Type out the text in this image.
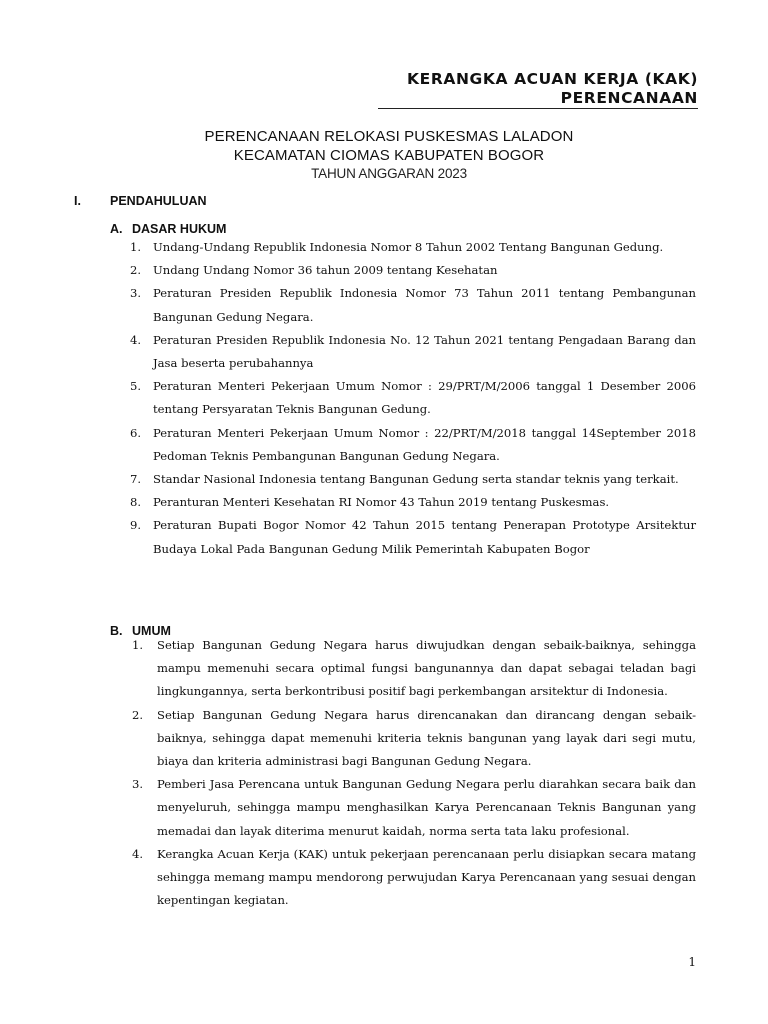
KERANGKA ACUAN KERJA (KAK)
PERENCANAAN
PERENCANAAN RELOKASI PUSKESMAS LALADON
KECAMATAN CIOMAS KABUPATEN BOGOR
TAHUN ANGGARAN 2023
I. PENDAHULUAN
A. DASAR HUKUM
1.	Undang-Undang Republik Indonesia Nomor 8 Tahun 2002 Tentang Bangunan Gedung.
2.	Undang Undang Nomor 36 tahun 2009 tentang Kesehatan
3.	Peraturan Presiden Republik Indonesia Nomor 73 Tahun 2011 tentang Pembangunan Bangunan Gedung Negara.
4.	Peraturan Presiden Republik Indonesia No. 12 Tahun 2021 tentang Pengadaan Barang dan Jasa beserta perubahannya
5.	Peraturan Menteri Pekerjaan Umum Nomor : 29/PRT/M/2006 tanggal 1 Desember 2006 tentang Persyaratan Teknis Bangunan Gedung.
6.	Peraturan Menteri Pekerjaan Umum Nomor : 22/PRT/M/2018 tanggal 14September 2018 Pedoman Teknis Pembangunan Bangunan Gedung Negara.
7.	Standar Nasional Indonesia tentang Bangunan Gedung serta standar teknis yang terkait.
8.	Peranturan Menteri Kesehatan RI Nomor 43 Tahun 2019 tentang Puskesmas.
9.	Peraturan Bupati Bogor Nomor 42 Tahun 2015 tentang Penerapan Prototype Arsitektur Budaya Lokal Pada Bangunan Gedung Milik Pemerintah Kabupaten Bogor
B. UMUM
1.	Setiap Bangunan Gedung Negara harus diwujudkan dengan sebaik-baiknya, sehingga mampu memenuhi secara optimal fungsi bangunannya dan dapat sebagai teladan bagi lingkungannya, serta berkontribusi positif bagi perkembangan arsitektur di Indonesia.
2.	Setiap Bangunan Gedung Negara harus direncanakan dan dirancang dengan sebaik-baiknya, sehingga dapat memenuhi kriteria teknis bangunan yang layak dari segi mutu, biaya dan kriteria administrasi bagi Bangunan Gedung Negara.
3.	Pemberi Jasa Perencana untuk Bangunan Gedung Negara perlu diarahkan secara baik dan menyeluruh, sehingga mampu menghasilkan Karya Perencanaan Teknis Bangunan yang memadai dan layak diterima menurut kaidah, norma serta tata laku profesional.
4.	Kerangka Acuan Kerja (KAK) untuk pekerjaan perencanaan perlu disiapkan secara matang sehingga memang mampu mendorong perwujudan Karya Perencanaan yang sesuai dengan kepentingan kegiatan.
1
